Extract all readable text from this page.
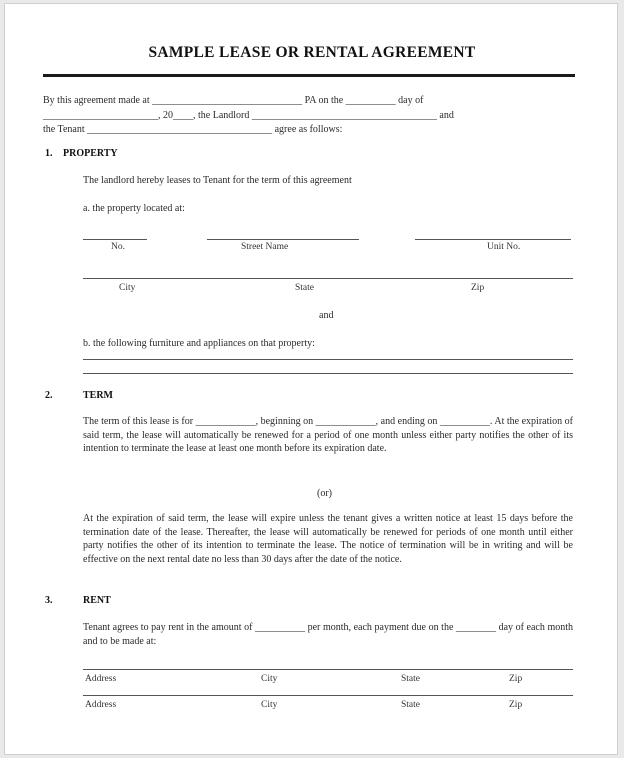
SAMPLE LEASE OR RENTAL AGREEMENT
By this agreement made at ______________________________ PA on the __________ day of
_______________________, 20____, the Landlord _____________________________________ and
the Tenant _____________________________________ agree as follows:
1. PROPERTY
The landlord hereby leases to Tenant for the term of this agreement
a. the property located at:
No.	Street Name	Unit No.
City	State	Zip
and
b. the following furniture and appliances on that property:
2.	TERM
The term of this lease is for ____________, beginning on ____________, and ending on __________. At the expiration of said term, the lease will automatically be renewed for a period of one month unless either party notifies the other of its intention to terminate the lease at least one month before its expiration date.
(or)
At the expiration of said term, the lease will expire unless the tenant gives a written notice at least 15 days before the termination date of the lease. Thereafter, the lease will automatically be renewed for periods of one month until either party notifies the other of its intention to terminate the lease. The notice of termination will be in writing and will be effective on the next rental date no less than 30 days after the date of the notice.
3.	RENT
Tenant agrees to pay rent in the amount of __________ per month, each payment due on the ________ day of each month and to be made at:
Address	City	State	Zip
Address	City	State	Zip
